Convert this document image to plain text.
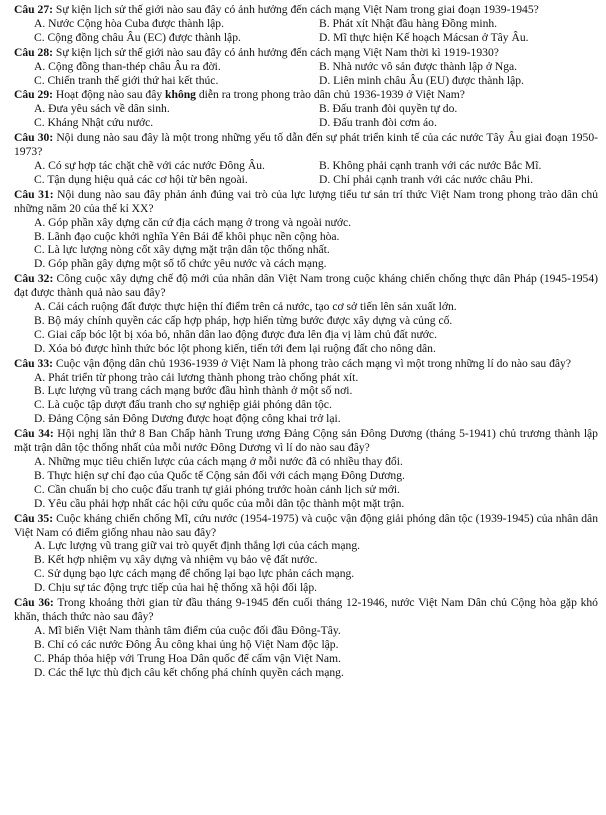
Câu 27: Sự kiện lịch sử thế giới nào sau đây có ảnh hưởng đến cách mạng Việt Nam trong giai đoạn 1939-1945?

A. Nước Cộng hòa Cuba được thành lập.	B. Phát xít Nhật đầu hàng Đồng minh.
C. Cộng đồng châu Âu (EC) được thành lập.	D. Mĩ thực hiện Kế hoạch Mácsan ở Tây Âu.

Câu 28: Sự kiện lịch sử thế giới nào sau đây có ảnh hưởng đến cách mạng Việt Nam thời kì 1919-1930?

A. Cộng đồng than-thép châu Âu ra đời.	B. Nhà nước vô sản được thành lập ở Nga.
C. Chiến tranh thế giới thứ hai kết thúc.	D. Liên minh châu Âu (EU) được thành lập.

Câu 29: Hoạt động nào sau đây không diễn ra trong phong trào dân chủ 1936-1939 ở Việt Nam?

A. Đưa yêu sách về dân sinh.	B. Đấu tranh đòi quyền tự do.
C. Kháng Nhật cứu nước.	D. Đấu tranh đòi cơm áo.

Câu 30: Nội dung nào sau đây là một trong những yếu tố dẫn đến sự phát triển kinh tế của các nước Tây Âu giai đoạn 1950-1973?

A. Có sự hợp tác chặt chẽ với các nước Đông Âu.	B. Không phải cạnh tranh với các nước Bắc Mĩ.
C. Tận dụng hiệu quả các cơ hội từ bên ngoài.	D. Chỉ phải cạnh tranh với các nước châu Phi.

Câu 31: Nội dung nào sau đây phản ánh đúng vai trò của lực lượng tiểu tư sản trí thức Việt Nam trong phong trào dân chủ những năm 20 của thế kỉ XX?

A. Góp phần xây dựng căn cứ địa cách mạng ở trong và ngoài nước.
B. Lãnh đạo cuộc khởi nghĩa Yên Bái để khôi phục nền cộng hòa.
C. Là lực lượng nòng cốt xây dựng mặt trận dân tộc thống nhất.
D. Góp phần gây dựng một số tổ chức yêu nước và cách mạng.

Câu 32: Công cuộc xây dựng chế độ mới của nhân dân Việt Nam trong cuộc kháng chiến chống thực dân Pháp (1945-1954) đạt được thành quả nào sau đây?

A. Cải cách ruộng đất được thực hiện thí điểm trên cả nước, tạo cơ sở tiến lên sản xuất lớn.
B. Bộ máy chính quyền các cấp hợp pháp, hợp hiến từng bước được xây dựng và củng cố.
C. Giai cấp bóc lột bị xóa bỏ, nhân dân lao động được đưa lên địa vị làm chủ đất nước.
D. Xóa bỏ được hình thức bóc lột phong kiến, tiến tới đem lại ruộng đất cho nông dân.

Câu 33: Cuộc vận động dân chủ 1936-1939 ở Việt Nam là phong trào cách mạng vì một trong những lí do nào sau đây?

A. Phát triển từ phong trào cải lương thành phong trào chống phát xít.
B. Lực lượng vũ trang cách mạng bước đầu hình thành ở một số nơi.
C. Là cuộc tập dượt đấu tranh cho sự nghiệp giải phóng dân tộc.
D. Đảng Cộng sản Đông Dương được hoạt động công khai trở lại.

Câu 34: Hội nghị lần thứ 8 Ban Chấp hành Trung ương Đảng Cộng sản Đông Dương (tháng 5-1941) chủ trương thành lập mặt trận dân tộc thống nhất của mỗi nước Đông Dương vì lí do nào sau đây?

A. Những mục tiêu chiến lược của cách mạng ở mỗi nước đã có nhiều thay đổi.
B. Thực hiện sự chỉ đạo của Quốc tế Cộng sản đối với cách mạng Đông Dương.
C. Cần chuẩn bị cho cuộc đấu tranh tự giải phóng trước hoàn cảnh lịch sử mới.
D. Yêu cầu phải hợp nhất các hội cứu quốc của mỗi dân tộc thành một mặt trận.

Câu 35: Cuộc kháng chiến chống Mĩ, cứu nước (1954-1975) và cuộc vận động giải phóng dân tộc (1939-1945) của nhân dân Việt Nam có điểm giống nhau nào sau đây?

A. Lực lượng vũ trang giữ vai trò quyết định thắng lợi của cách mạng.
B. Kết hợp nhiệm vụ xây dựng và nhiệm vụ bảo vệ đất nước.
C. Sử dụng bạo lực cách mạng để chống lại bạo lực phản cách mạng.
D. Chịu sự tác động trực tiếp của hai hệ thống xã hội đối lập.

Câu 36: Trong khoảng thời gian từ đầu tháng 9-1945 đến cuối tháng 12-1946, nước Việt Nam Dân chủ Cộng hòa gặp khó khăn, thách thức nào sau đây?

A. Mĩ biến Việt Nam thành tâm điểm của cuộc đối đầu Đông-Tây.
B. Chỉ có các nước Đông Âu công khai ủng hộ Việt Nam độc lập.
C. Pháp thỏa hiệp với Trung Hoa Dân quốc để cấm vận Việt Nam.
D. Các thế lực thù địch câu kết chống phá chính quyền cách mạng.
